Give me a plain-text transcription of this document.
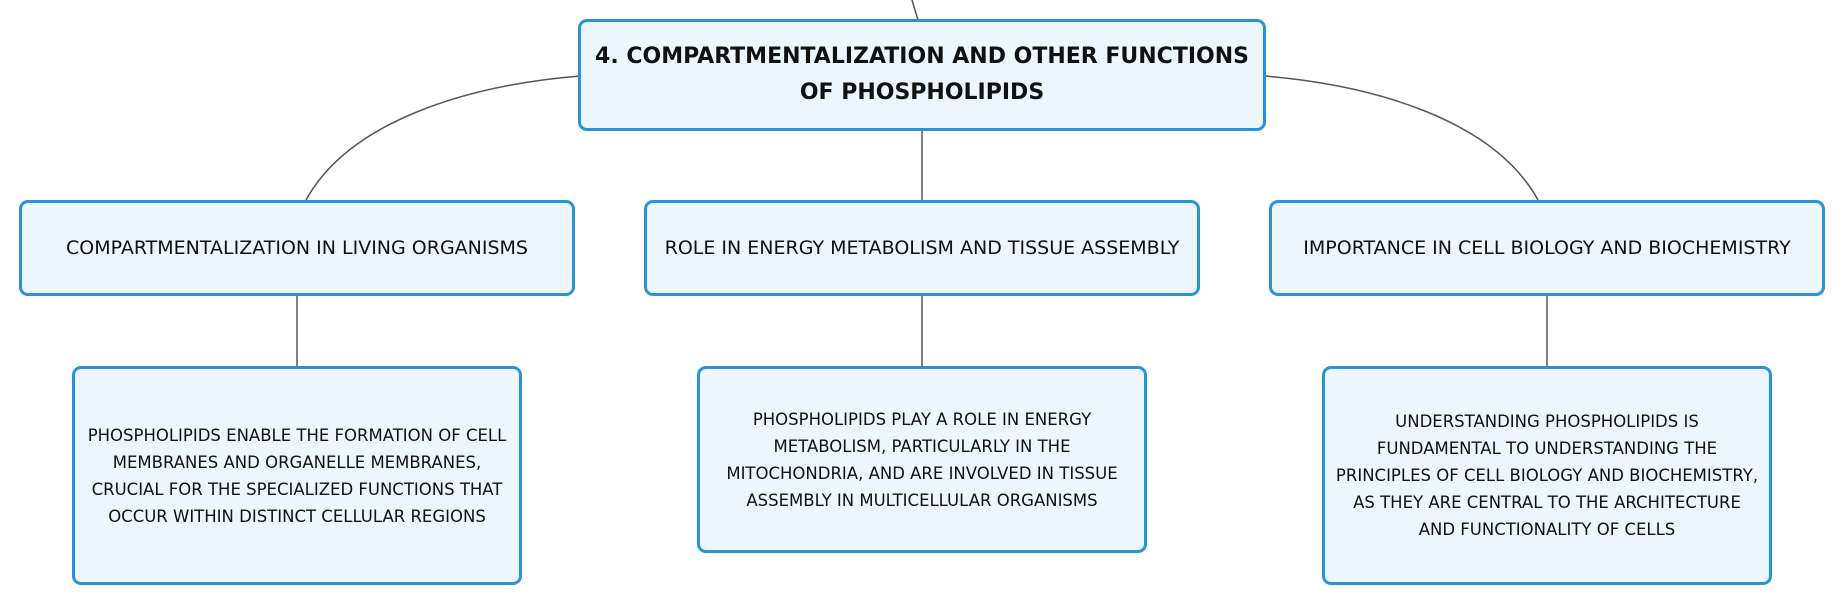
4. COMPARTMENTALIZATION AND OTHER FUNCTIONS OF PHOSPHOLIPIDS
COMPARTMENTALIZATION IN LIVING ORGANISMS	ROLE IN ENERGY METABOLISM AND TISSUE ASSEMBLY	IMPORTANCE IN CELL BIOLOGY AND BIOCHEMISTRY
PHOSPHOLIPIDS ENABLE THE FORMATION OF CELL MEMBRANES AND ORGANELLE MEMBRANES, CRUCIAL FOR THE SPECIALIZED FUNCTIONS THAT OCCUR WITHIN DISTINCT CELLULAR REGIONS
PHOSPHOLIPIDS PLAY A ROLE IN ENERGY METABOLISM, PARTICULARLY IN THE MITOCHONDRIA, AND ARE INVOLVED IN TISSUE ASSEMBLY IN MULTICELLULAR ORGANISMS
UNDERSTANDING PHOSPHOLIPIDS IS FUNDAMENTAL TO UNDERSTANDING THE PRINCIPLES OF CELL BIOLOGY AND BIOCHEMISTRY, AS THEY ARE CENTRAL TO THE ARCHITECTURE AND FUNCTIONALITY OF CELLS
